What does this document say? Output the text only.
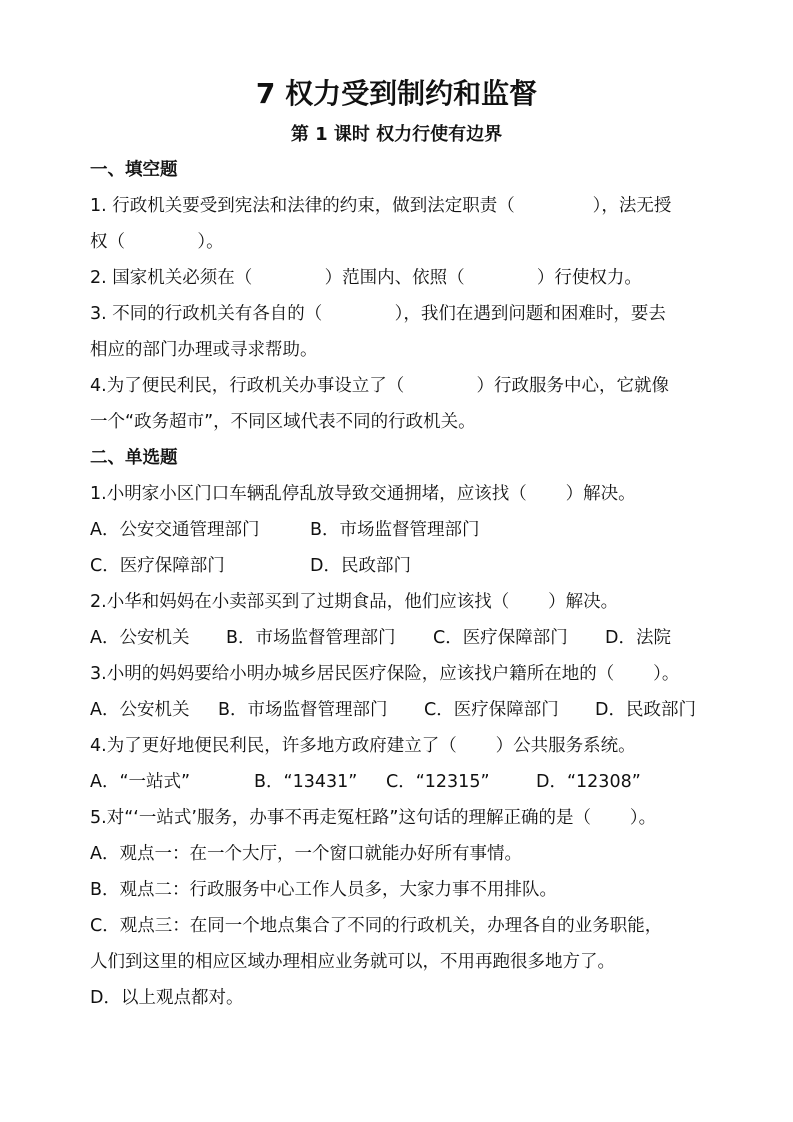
7 权力受到制约和监督
第 1 课时 权力行使有边界
一、填空题
1. 行政机关要受到宪法和法律的约束，做到法定职责（              ），法无授
权（             ）。
2. 国家机关必须在（             ）范围内、依照（             ）行使权力。
3. 不同的行政机关有各自的（             ），我们在遇到问题和困难时，要去
相应的部门办理或寻求帮助。
4.为了便民利民，行政机关办事设立了（             ）行政服务中心，它就像
一个“政务超市”，不同区域代表不同的行政机关。
二、单选题
1.小明家小区门口车辆乱停乱放导致交通拥堵，应该找（       ）解决。
A．公安交通管理部门	B．市场监督管理部门
C．医疗保障部门	D．民政部门
2.小华和妈妈在小卖部买到了过期食品，他们应该找（       ）解决。
A．公安机关 B．市场监督管理部门 C．医疗保障部门 D．法院
3.小明的妈妈要给小明办城乡居民医疗保险，应该找户籍所在地的（       ）。
A．公安机关 B．市场监督管理部门 C．医疗保障部门 D．民政部门
4.为了更好地便民利民，许多地方政府建立了（       ）公共服务系统。
A．“一站式”	B．“13431” C．“12315”	D．“12308”
5.对“‘一站式’服务，办事不再走冤枉路”这句话的理解正确的是（       ）。
A．观点一：在一个大厅，一个窗口就能办好所有事情。
B．观点二：行政服务中心工作人员多，大家力事不用排队。
C．观点三：在同一个地点集合了不同的行政机关，办理各自的业务职能，
人们到这里的相应区域办理相应业务就可以，不用再跑很多地方了。
D．以上观点都对。
